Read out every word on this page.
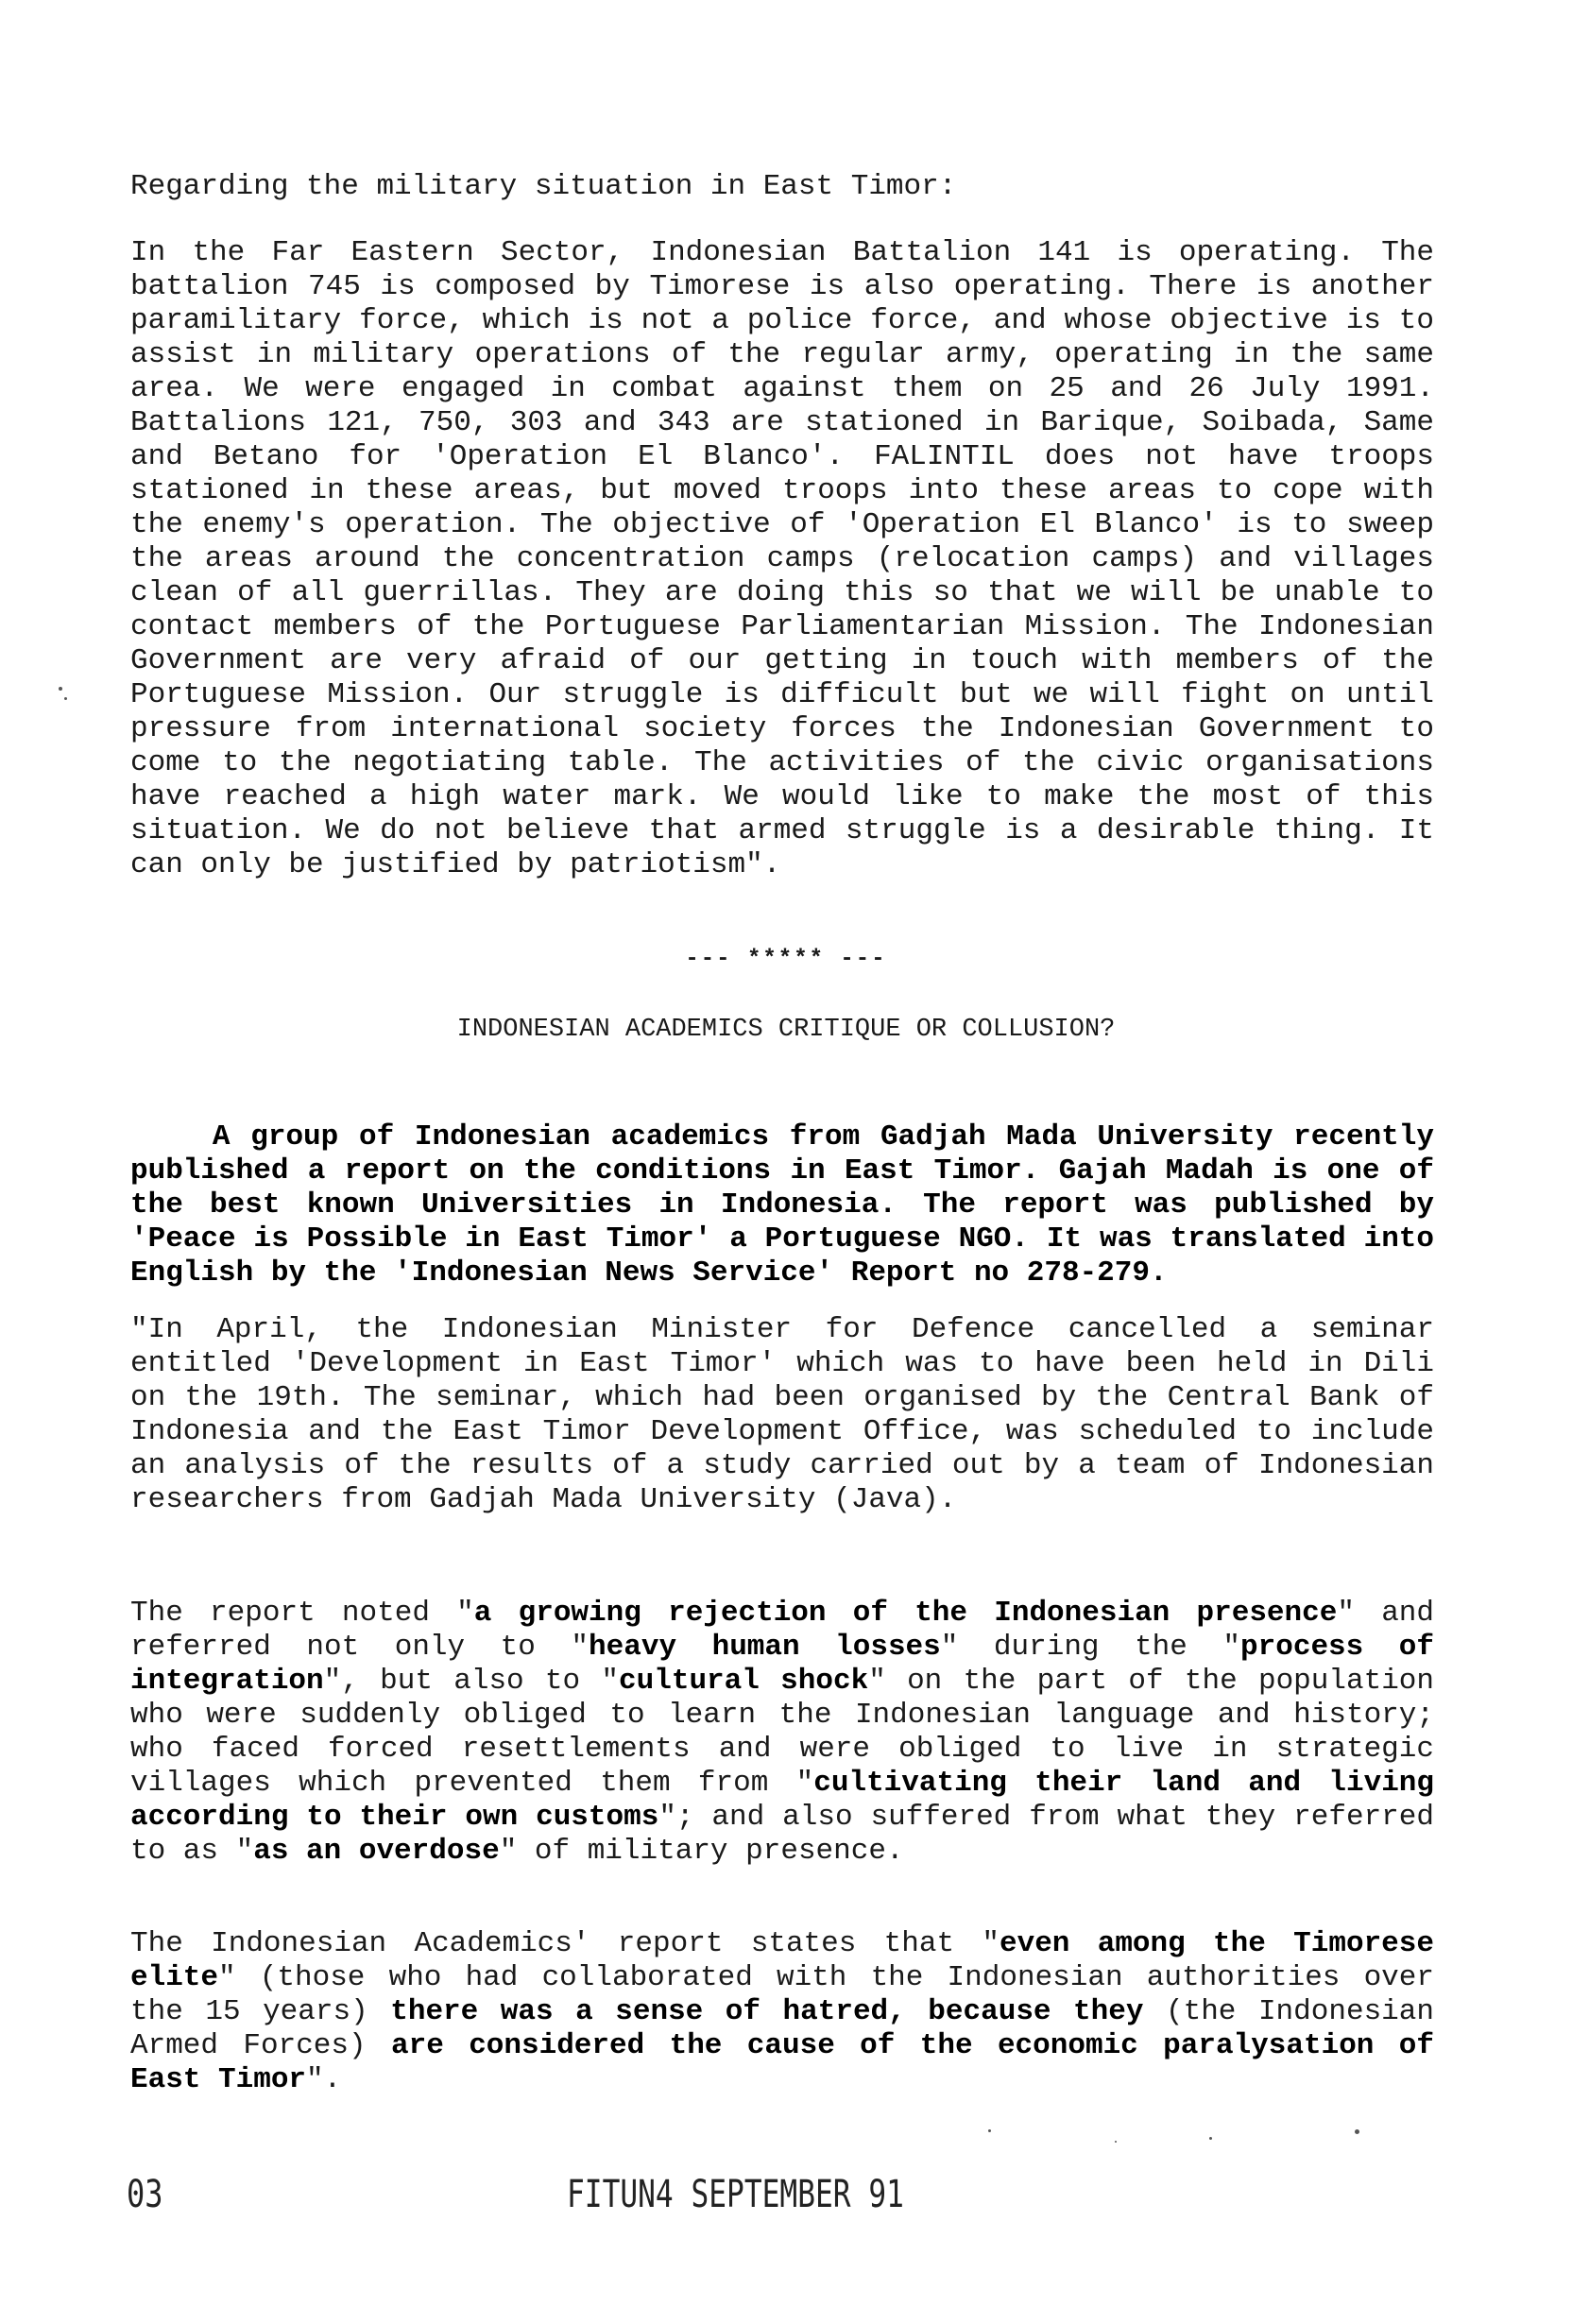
Regarding the military situation in East Timor:
In the Far Eastern Sector, Indonesian Battalion 141 is operating. The battalion 745 is composed by Timorese is also operating. There is another paramilitary force, which is not a police force, and whose objective is to assist in military operations of the regular army, operating in the same area. We were engaged in combat against them on 25 and 26 July 1991. Battalions 121, 750, 303 and 343 are stationed in Barique, Soibada, Same and Betano for 'Operation El Blanco'. FALINTIL does not have troops stationed in these areas, but moved troops into these areas to cope with the enemy's operation. The objective of 'Operation El Blanco' is to sweep the areas around the concentration camps (relocation camps) and villages clean of all guerrillas. They are doing this so that we will be unable to contact members of the Portuguese Parliamentarian Mission. The Indonesian Government are very afraid of our getting in touch with members of the Portuguese Mission. Our struggle is difficult but we will fight on until pressure from international society forces the Indonesian Government to come to the negotiating table. The activities of the civic organisations have reached a high water mark. We would like to make the most of this situation. We do not believe that armed struggle is a desirable thing. It can only be justified by patriotism".
--- ***** ---
INDONESIAN ACADEMICS CRITIQUE OR COLLUSION?

A group of Indonesian academics from Gadjah Mada University recently published a report on the conditions in East Timor. Gajah Madah is one of the best known Universities in Indonesia. The report was published by 'Peace is Possible in East Timor' a Portuguese NGO. It was translated into English by the 'Indonesian News Service' Report no 278-279.

"In April, the Indonesian Minister for Defence cancelled a seminar entitled 'Development in East Timor' which was to have been held in Dili on the 19th. The seminar, which had been organised by the Central Bank of Indonesia and the East Timor Development Office, was scheduled to include an analysis of the results of a study carried out by a team of Indonesian researchers from Gadjah Mada University (Java).
The report noted "a growing rejection of the Indonesian presence" and referred not only to "heavy human losses" during the "process of integration", but also to "cultural shock" on the part of the population who were suddenly obliged to learn the Indonesian language and history; who faced forced resettlements and were obliged to live in strategic villages which prevented them from "cultivating their land and living according to their own customs"; and also suffered from what they referred to as "as an overdose" of military presence.
The Indonesian Academics' report states that "even among the Timorese elite" (those who had collaborated with the Indonesian authorities over the 15 years) there was a sense of hatred, because they (the Indonesian Armed Forces) are considered the cause of the economic paralysation of East Timor".
03	FITUN4 SEPTEMBER 91
